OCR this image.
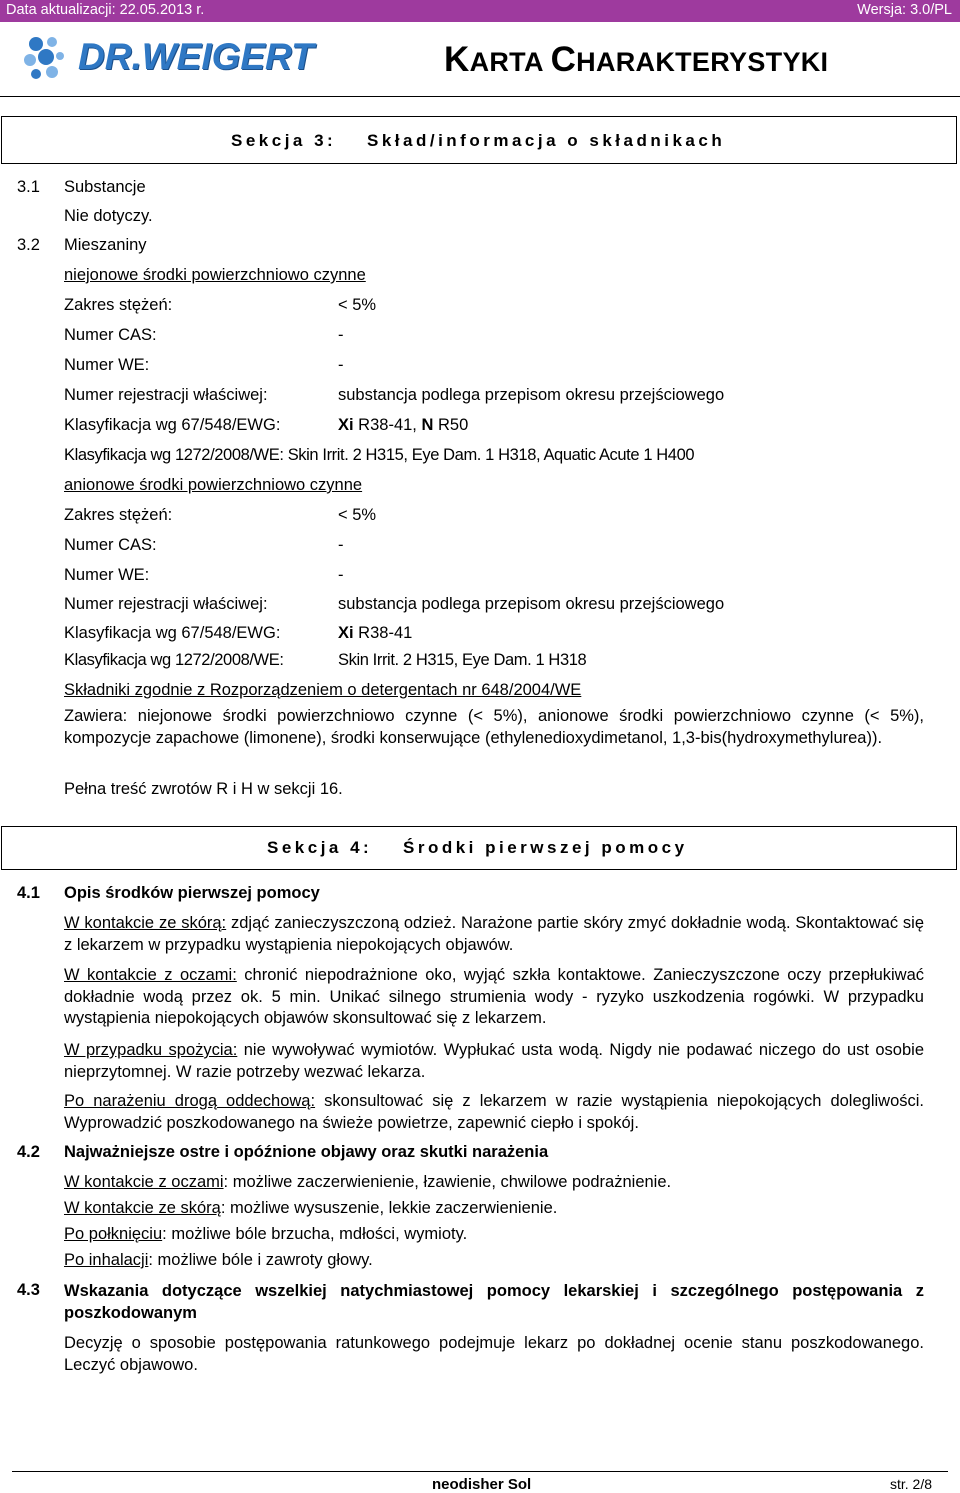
Data aktualizacji: 22.05.2013 r.	Wersja: 3.0/PL
DR.WEIGERT	KARTA CHARAKTERYSTYKI
Sekcja 3: Skład/informacja o składnikach
3.1 Substancje
Nie dotyczy.
3.2 Mieszaniny
niejonowe środki powierzchniowo czynne
Zakres stężeń:	< 5%
Numer CAS:	-
Numer WE:	-
Numer rejestracji właściwej:	substancja podlega przepisom okresu przejściowego
Klasyfikacja wg 67/548/EWG:	Xi R38-41, N R50
Klasyfikacja wg 1272/2008/WE: Skin Irrit. 2 H315, Eye Dam. 1 H318, Aquatic Acute 1 H400
anionowe środki powierzchniowo czynne
Zakres stężeń:	< 5%
Numer CAS:	-
Numer WE:	-
Numer rejestracji właściwej:	substancja podlega przepisom okresu przejściowego
Klasyfikacja wg 67/548/EWG:	Xi R38-41
Klasyfikacja wg 1272/2008/WE:	Skin Irrit. 2 H315, Eye Dam. 1 H318
Składniki zgodnie z Rozporządzeniem o detergentach nr 648/2004/WE
Zawiera: niejonowe środki powierzchniowo czynne (< 5%), anionowe środki powierzchniowo czynne (< 5%), kompozycje zapachowe (limonene), środki konserwujące (ethylenedioxydimetanol, 1,3-bis(hydroxymethylurea)).
Pełna treść zwrotów R i H w sekcji 16.
Sekcja 4: Środki pierwszej pomocy
4.1 Opis środków pierwszej pomocy
W kontakcie ze skórą: zdjąć zanieczyszczoną odzież. Narażone partie skóry zmyć dokładnie wodą. Skontaktować się z lekarzem w przypadku wystąpienia niepokojących objawów.
W kontakcie z oczami: chronić niepodrażnione oko, wyjąć szkła kontaktowe. Zanieczyszczone oczy przepłukiwać dokładnie wodą przez ok. 5 min. Unikać silnego strumienia wody - ryzyko uszkodzenia rogówki. W przypadku wystąpienia niepokojących objawów skonsultować się z lekarzem.
W przypadku spożycia: nie wywoływać wymiotów. Wypłukać usta wodą. Nigdy nie podawać niczego do ust osobie nieprzytomnej. W razie potrzeby wezwać lekarza.
Po narażeniu drogą oddechową: skonsultować się z lekarzem w razie wystąpienia niepokojących dolegliwości. Wyprowadzić poszkodowanego na świeże powietrze, zapewnić ciepło i spokój.
4.2 Najważniejsze ostre i opóźnione objawy oraz skutki narażenia
W kontakcie z oczami: możliwe zaczerwienienie, łzawienie, chwilowe podrażnienie.
W kontakcie ze skórą: możliwe wysuszenie, lekkie zaczerwienienie.
Po połknięciu: możliwe bóle brzucha, mdłości, wymioty.
Po inhalacji: możliwe bóle i zawroty głowy.
4.3 Wskazania dotyczące wszelkiej natychmiastowej pomocy lekarskiej i szczególnego postępowania z poszkodowanym
Decyzję o sposobie postępowania ratunkowego podejmuje lekarz po dokładnej ocenie stanu poszkodowanego. Leczyć objawowo.
neodisher Sol	str. 2/8
